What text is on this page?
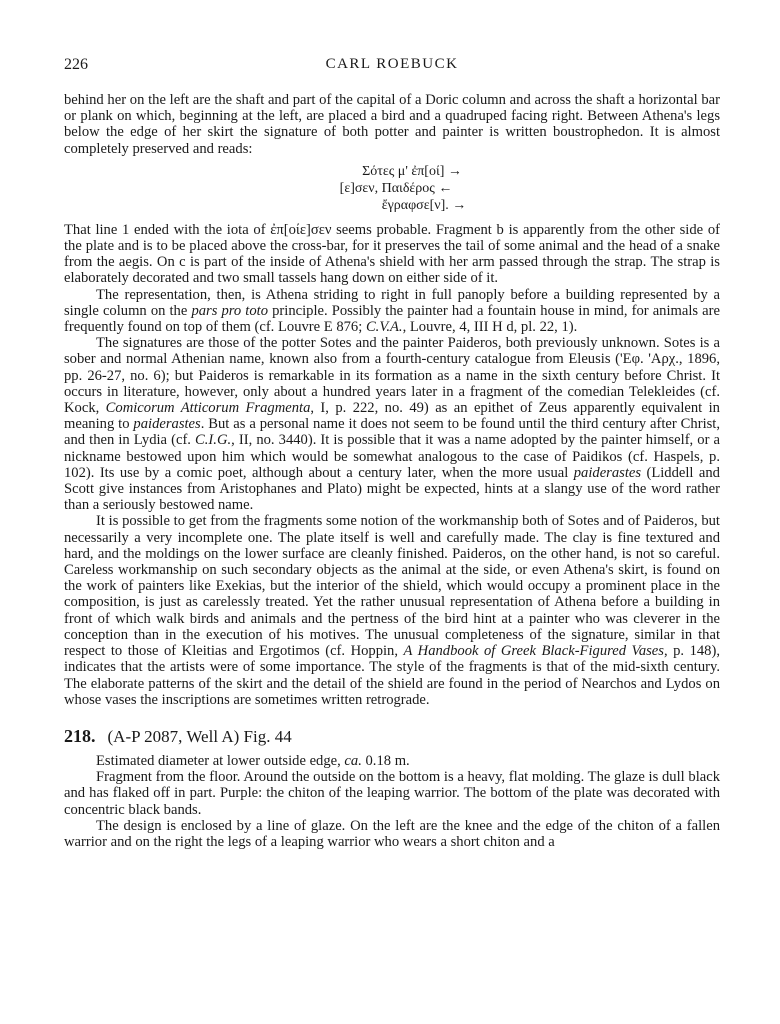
226	CARL ROEBUCK

behind her on the left are the shaft and part of the capital of a Doric column and across the shaft a horizontal bar or plank on which, beginning at the left, are placed a bird and a quadruped facing right. Between Athena's legs below the edge of her skirt the signature of both potter and painter is written boustrophedon. It is almost completely preserved and reads:

Σότες μ' ἐπ[οί] →
[ε]σεν, Παιδέρος ←
ἔγραφσε[ν]. →

That line 1 ended with the iota of ἐπ[οίε]σεν seems probable. Fragment b is apparently from the other side of the plate and is to be placed above the cross-bar, for it preserves the tail of some animal and the head of a snake from the aegis. On c is part of the inside of Athena's shield with her arm passed through the strap. The strap is elaborately decorated and two small tassels hang down on either side of it.

The representation, then, is Athena striding to right in full panoply before a building represented by a single column on the pars pro toto principle. Possibly the painter had a fountain house in mind, for animals are frequently found on top of them (cf. Louvre E 876; C.V.A., Louvre, 4, III H d, pl. 22, 1).

The signatures are those of the potter Sotes and the painter Paideros, both previously unknown. Sotes is a sober and normal Athenian name, known also from a fourth-century catalogue from Eleusis ('Εφ. 'Αρχ., 1896, pp. 26-27, no. 6); but Paideros is remarkable in its formation as a name in the sixth century before Christ. It occurs in literature, however, only about a hundred years later in a fragment of the comedian Telekleides (cf. Kock, Comicorum Atticorum Fragmenta, I, p. 222, no. 49) as an epithet of Zeus apparently equivalent in meaning to paiderastes. But as a personal name it does not seem to be found until the third century after Christ, and then in Lydia (cf. C.I.G., II, no. 3440). It is possible that it was a name adopted by the painter himself, or a nickname bestowed upon him which would be somewhat analogous to the case of Paidikos (cf. Haspels, p. 102). Its use by a comic poet, although about a century later, when the more usual paiderastes (Liddell and Scott give instances from Aristophanes and Plato) might be expected, hints at a slangy use of the word rather than a seriously bestowed name.

It is possible to get from the fragments some notion of the workmanship both of Sotes and of Paideros, but necessarily a very incomplete one. The plate itself is well and carefully made. The clay is fine textured and hard, and the moldings on the lower surface are cleanly finished. Paideros, on the other hand, is not so careful. Careless workmanship on such secondary objects as the animal at the side, or even Athena's skirt, is found on the work of painters like Exekias, but the interior of the shield, which would occupy a prominent place in the composition, is just as carelessly treated. Yet the rather unusual representation of Athena before a building in front of which walk birds and animals and the pertness of the bird hint at a painter who was cleverer in the conception than in the execution of his motives. The unusual completeness of the signature, similar in that respect to those of Kleitias and Ergotimos (cf. Hoppin, A Handbook of Greek Black-Figured Vases, p. 148), indicates that the artists were of some importance. The style of the fragments is that of the mid-sixth century. The elaborate patterns of the skirt and the detail of the shield are found in the period of Nearchos and Lydos on whose vases the inscriptions are sometimes written retrograde.

218. (A-P 2087, Well A) Fig. 44

Estimated diameter at lower outside edge, ca. 0.18 m.

Fragment from the floor. Around the outside on the bottom is a heavy, flat molding. The glaze is dull black and has flaked off in part. Purple: the chiton of the leaping warrior. The bottom of the plate was decorated with concentric black bands.

The design is enclosed by a line of glaze. On the left are the knee and the edge of the chiton of a fallen warrior and on the right the legs of a leaping warrior who wears a short chiton and a
